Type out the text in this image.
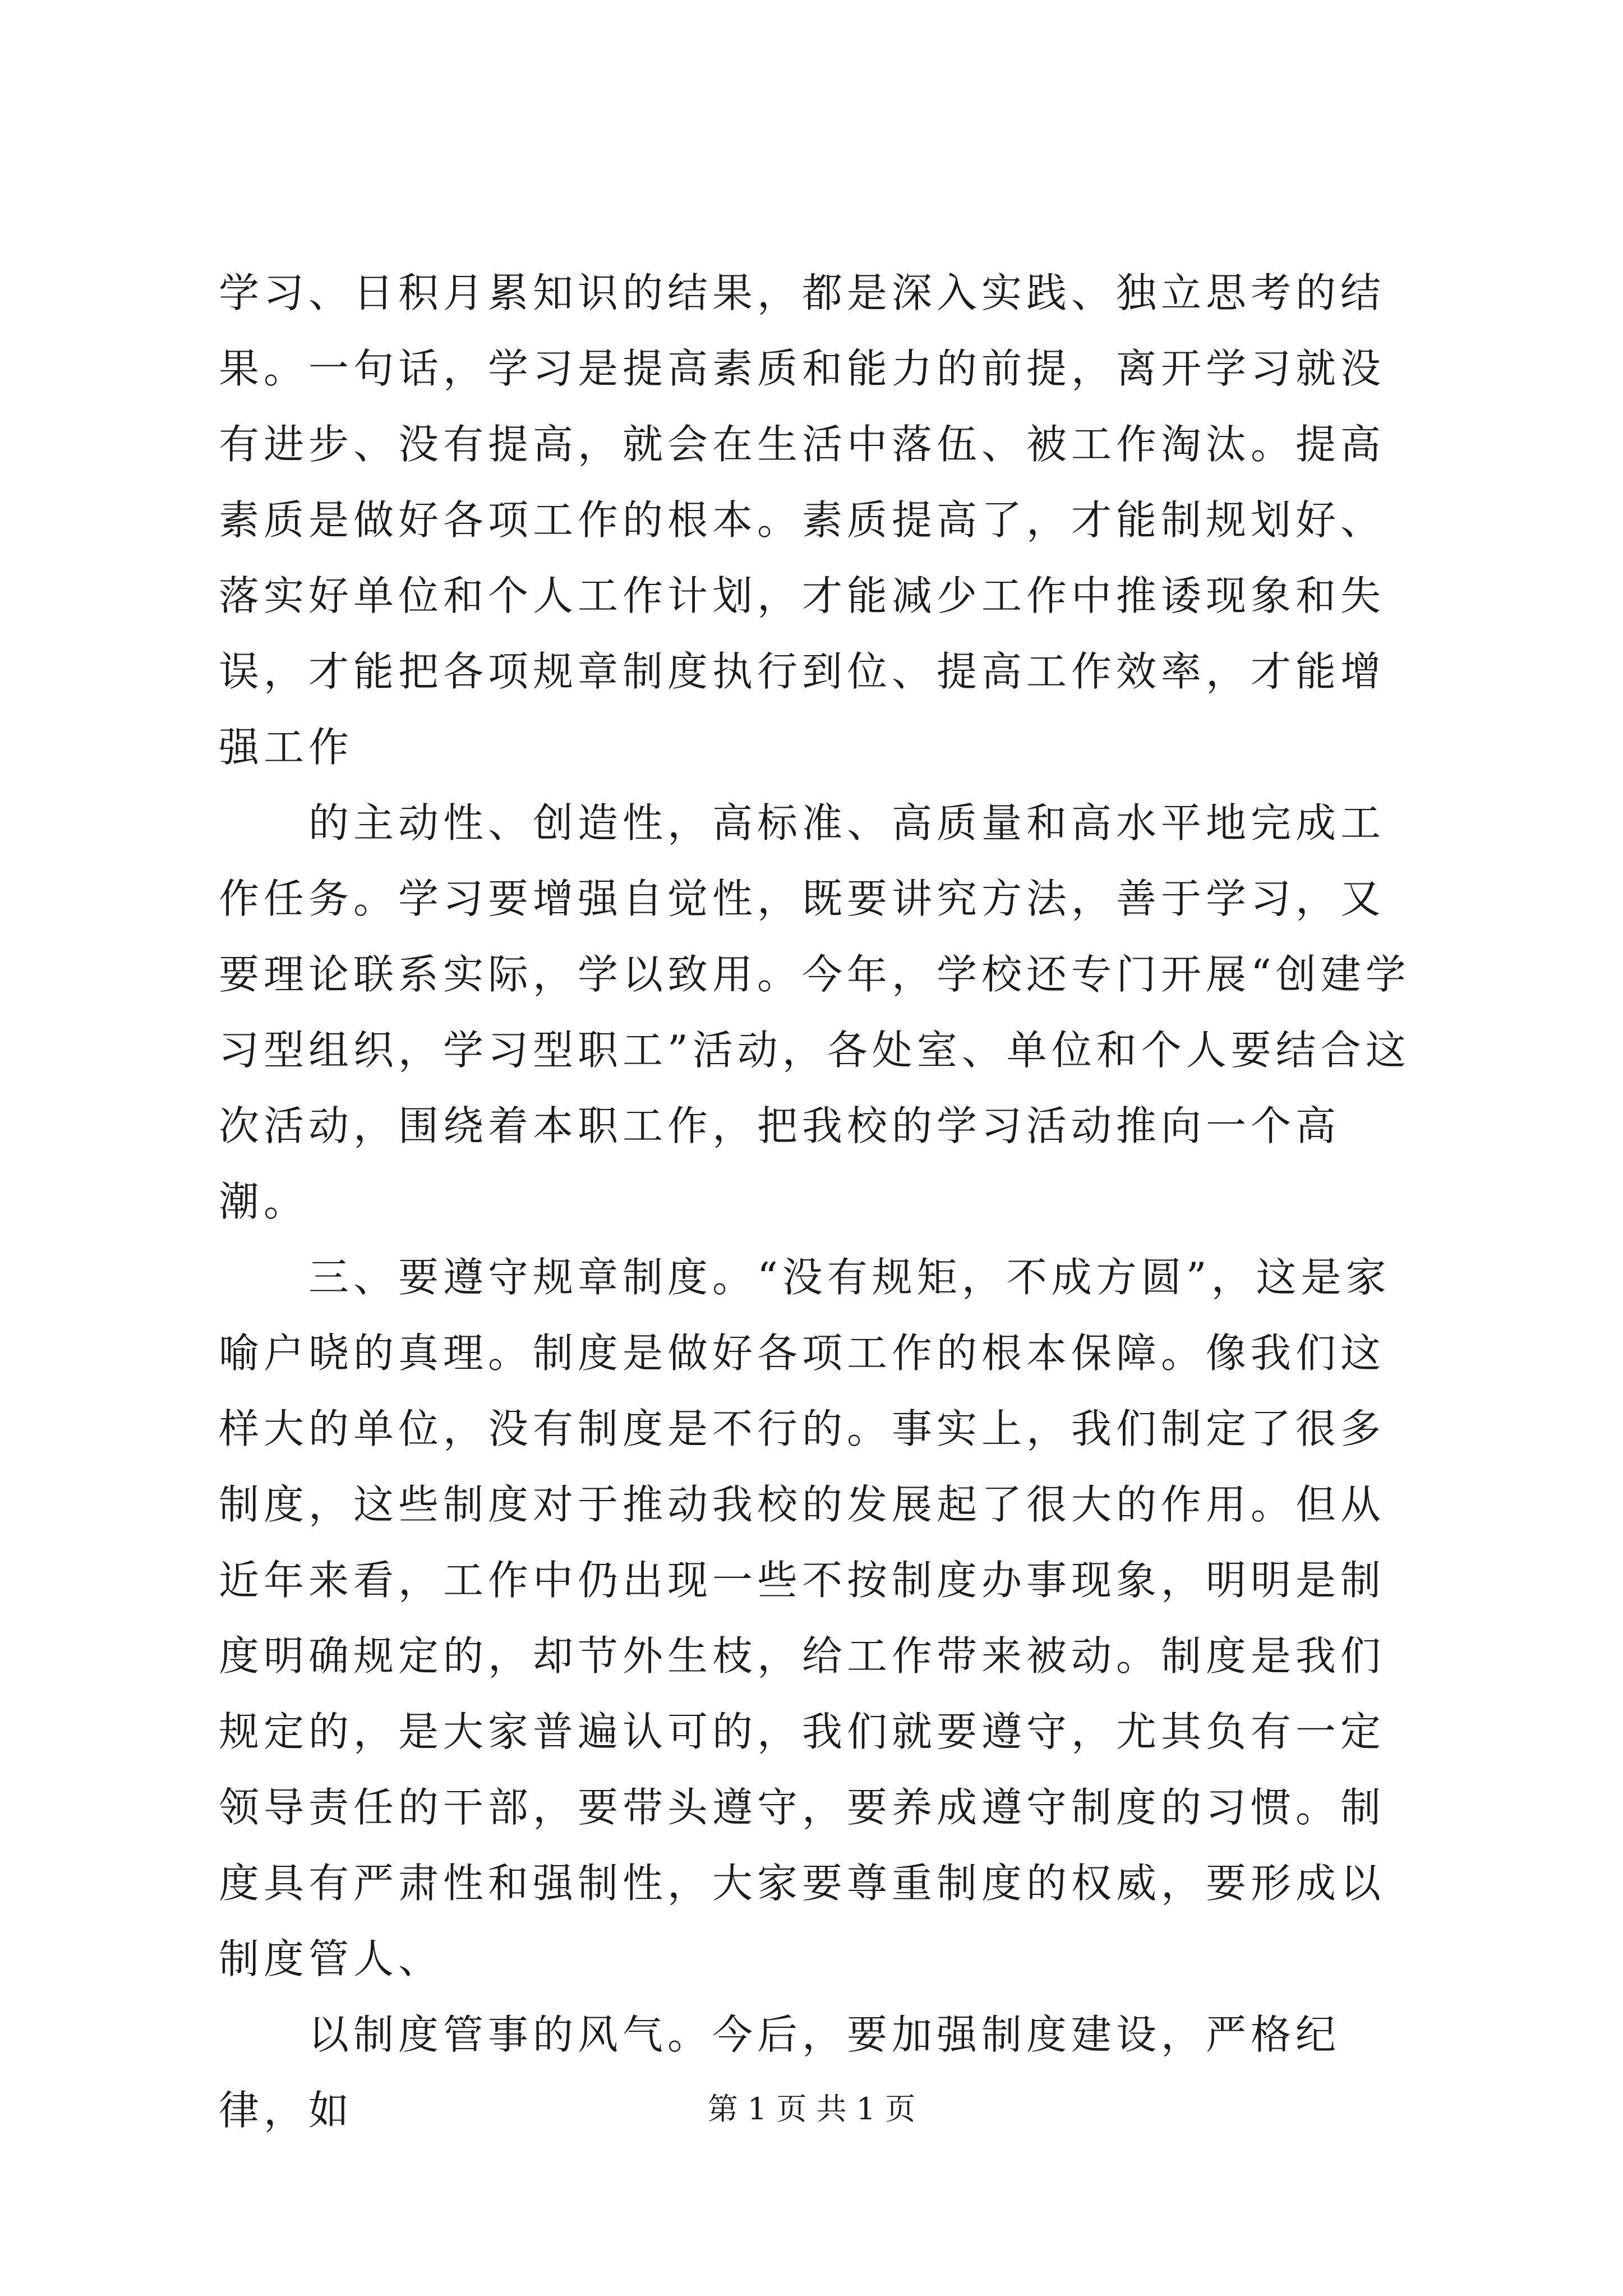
学习、日积月累知识的结果，都是深入实践、独立思考的结果。一句话，学习是提高素质和能力的前提，离开学习就没有进步、没有提高，就会在生活中落伍、被工作淘汰。提高素质是做好各项工作的根本。素质提高了，才能制规划好、落实好单位和个人工作计划，才能减少工作中推诿现象和失误，才能把各项规章制度执行到位、提高工作效率，才能增强工作

的主动性、创造性，高标准、高质量和高水平地完成工作任务。学习要增强自觉性，既要讲究方法，善于学习，又要理论联系实际，学以致用。今年，学校还专门开展“创建学习型组织，学习型职工”活动，各处室、单位和个人要结合这次活动，围绕着本职工作，把我校的学习活动推向一个高潮。

三、要遵守规章制度。“没有规矩，不成方圆”，这是家喻户晓的真理。制度是做好各项工作的根本保障。像我们这样大的单位，没有制度是不行的。事实上，我们制定了很多制度，这些制度对于推动我校的发展起了很大的作用。但从近年来看，工作中仍出现一些不按制度办事现象，明明是制度明确规定的，却节外生枝，给工作带来被动。制度是我们规定的，是大家普遍认可的，我们就要遵守，尤其负有一定领导责任的干部，要带头遵守，要养成遵守制度的习惯。制度具有严肃性和强制性，大家要尊重制度的权威，要形成以制度管人、

以制度管事的风气。今后，要加强制度建设，严格纪律，如	第 1 页 共 1 页
